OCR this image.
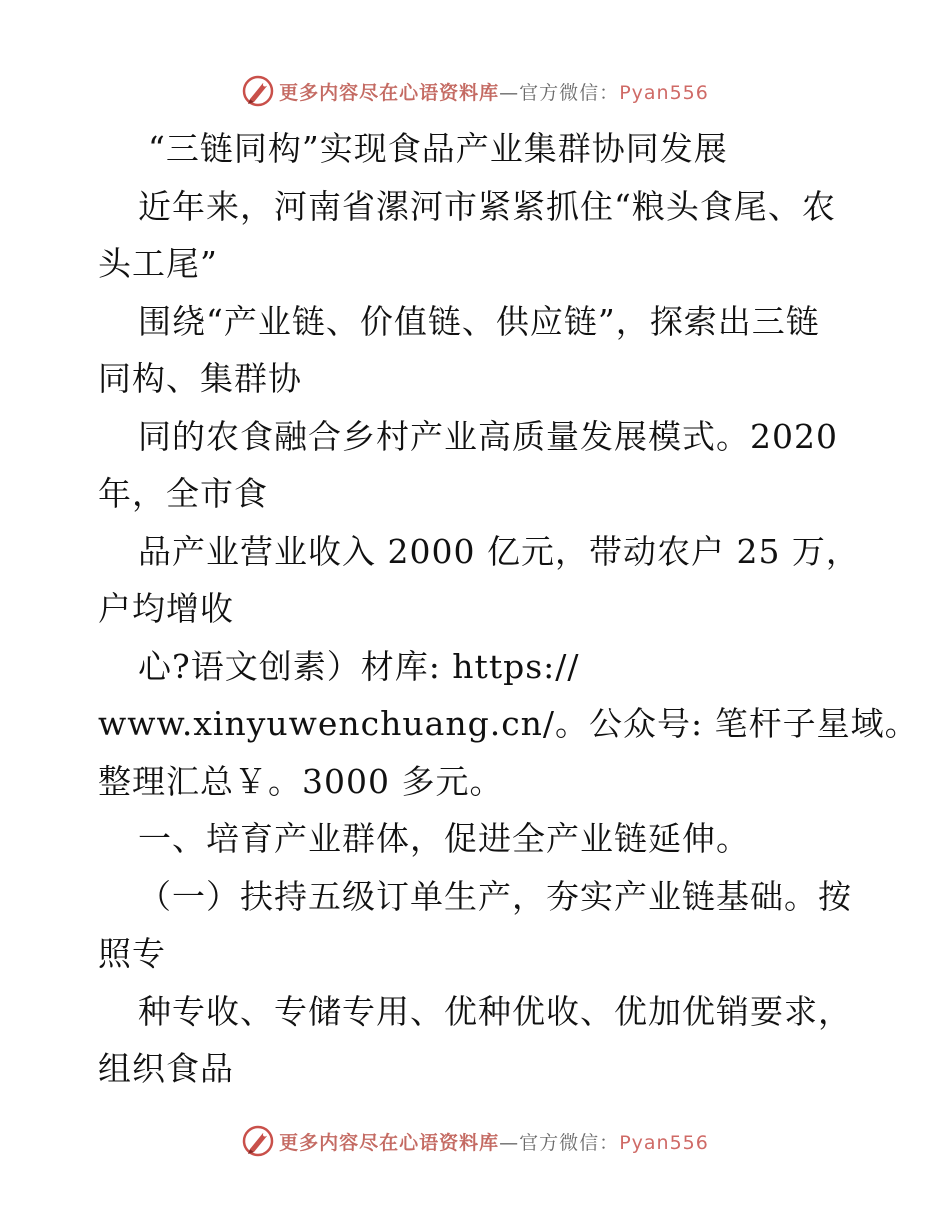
更多内容尽在心语资料库—官方微信：Pyan556
“三链同构”实现食品产业集群协同发展
近年来，河南省漯河市紧紧抓住“粮头食尾、农
头工尾”
围绕“产业链、价值链、供应链”，探索出三链
同构、集群协
同的农食融合乡村产业高质量发展模式。2020
年，全市食
品产业营业收入 2000 亿元，带动农户 25 万，
户均增收
心?语文创素）材库: https://
www.xinyuwenchuang.cn/。公众号: 笔杆子星域。
整理汇总￥。3000 多元。
一、培育产业群体，促进全产业链延伸。
（一）扶持五级订单生产，夯实产业链基础。按
照专
种专收、专储专用、优种优收、优加优销要求，
组织食品
更多内容尽在心语资料库—官方微信：Pyan556
